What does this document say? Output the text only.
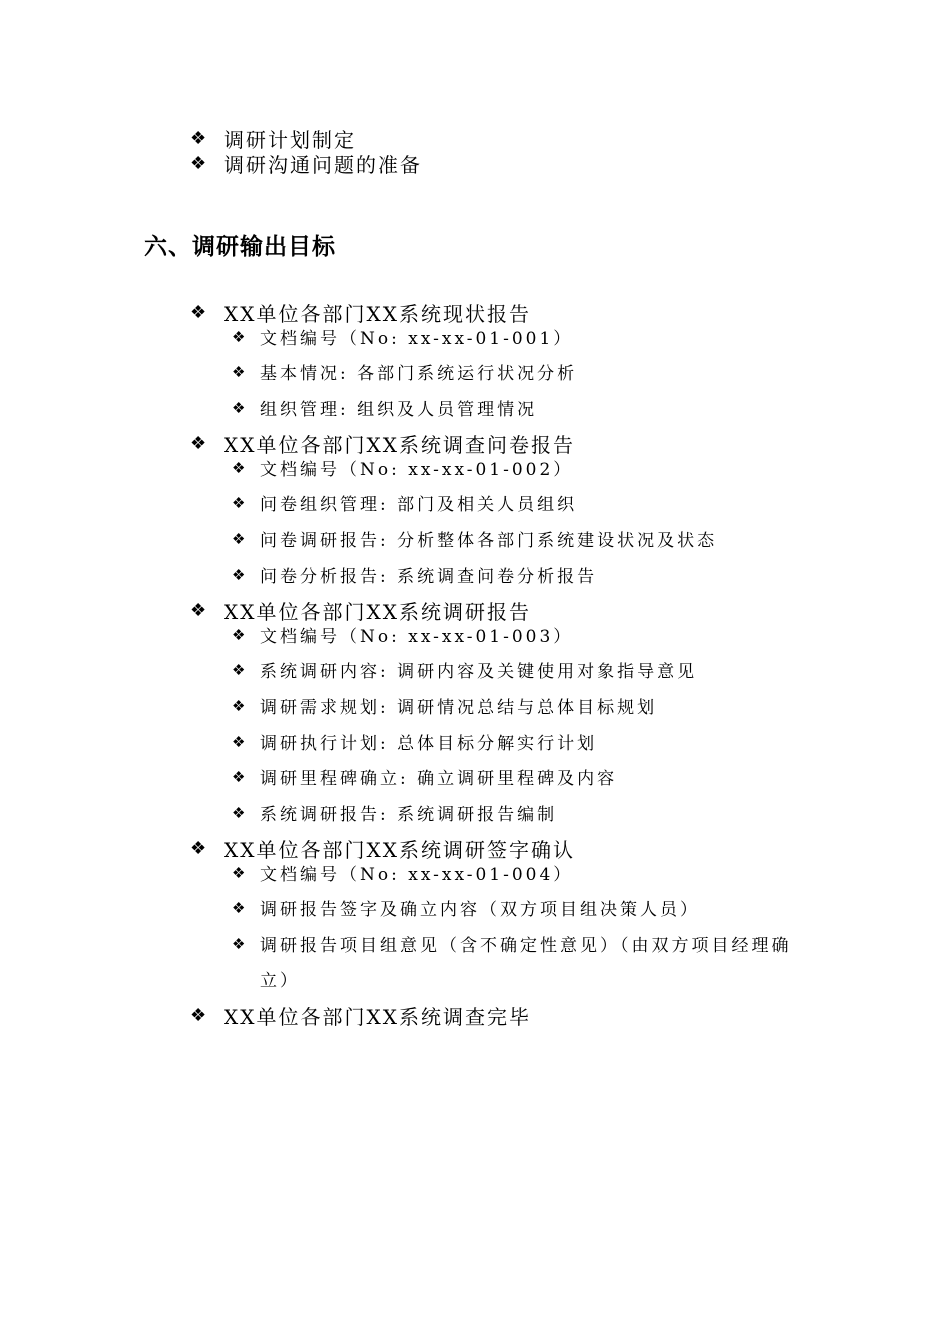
❖ 调研计划制定
❖ 调研沟通问题的准备
六、调研输出目标
❖ XX单位各部门XX系统现状报告
❖ 文档编号（No: xx-xx-01-001）
❖ 基本情况: 各部门系统运行状况分析
❖ 组织管理: 组织及人员管理情况
❖ XX单位各部门XX系统调查问卷报告
❖ 文档编号（No: xx-xx-01-002）
❖ 问卷组织管理: 部门及相关人员组织
❖ 问卷调研报告: 分析整体各部门系统建设状况及状态
❖ 问卷分析报告: 系统调查问卷分析报告
❖ XX单位各部门XX系统调研报告
❖ 文档编号（No: xx-xx-01-003）
❖ 系统调研内容: 调研内容及关键使用对象指导意见
❖ 调研需求规划: 调研情况总结与总体目标规划
❖ 调研执行计划: 总体目标分解实行计划
❖ 调研里程碑确立: 确立调研里程碑及内容
❖ 系统调研报告: 系统调研报告编制
❖ XX单位各部门XX系统调研签字确认
❖ 文档编号（No: xx-xx-01-004）
❖ 调研报告签字及确立内容（双方项目组决策人员）
❖ 调研报告项目组意见（含不确定性意见）（由双方项目经理确
立）
❖ XX单位各部门XX系统调查完毕
